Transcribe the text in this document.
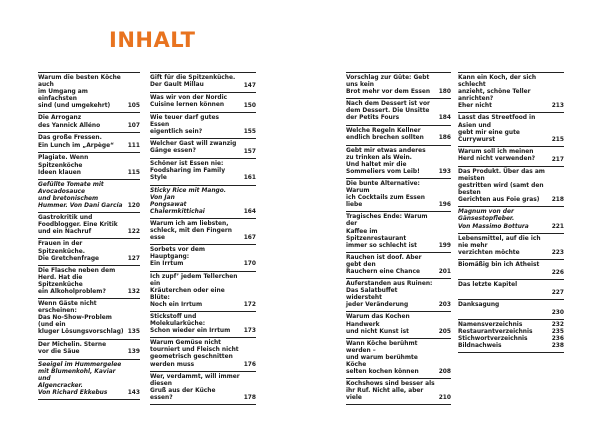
INHALT
Warum die besten Köche auch
im Umgang am einfachsten
sind (und umgekehrt)	105
Die Arroganz
des Yannick Alléno	107
Das große Fressen.
Ein Lunch im „Arpège“	111
Plagiate. Wenn Spitzenköche
Ideen klauen	115
Gefüllte Tomate mit Avocadosauce
und bretonischem
Hummer. Von Dani García 120
Gastrokritik und
Foodblogger. Eine Kritik
und ein Nachruf	122
Frauen in der Spitzenküche.
Die Gretchenfrage	127
Die Flasche neben dem
Herd. Hat die Spitzenküche
ein Alkoholproblem?	132
Wenn Gäste nicht erscheinen:
Das No-Show-Problem (und ein
kluger Lösungsvorschlag) 135
Der Michelin. Sterne
vor die Säue	139
Seeigel im Hummergelee
mit Blumenkohl, Kaviar und
Algencracker.
Von Richard Ekkebus	143
Gift für die Spitzenküche.
Der Gault Millau	147
Was wir von der Nordic
Cuisine lernen können	150
Wie teuer darf gutes Essen
eigentlich sein?	155
Welcher Gast will zwanzig
Gänge essen?	157
Schöner ist Essen nie:
Foodsharing im Family Style	161
Sticky Rice mit Mango. Von Jan
Pongsawat Chalermkittichai	164
Warum ich am liebsten,
schleck, mit den Fingern esse	167
Sorbets vor dem Hauptgang:
Ein Irrtum	170
Ich zupf’ jedem Tellerchen ein
Kräuterchen oder eine Blüte:
Noch ein Irrtum	172
Stickstoff und Molekularküche:
Schon wieder ein Irrtum	173
Warum Gemüse nicht
tourniert und Fleisch nicht
geometrisch geschnitten
werden muss	176
Wer, verdammt, will immer diesen
Gruß aus der Küche essen?	178
Vorschlag zur Güte: Gebt uns kein
Brot mehr vor dem Essen	180
Nach dem Dessert ist vor
dem Dessert. Die Unsitte
der Petits Fours	184
Welche Regeln Kellner
endlich brechen sollten	186
Gebt mir etwas anderes
zu trinken als Wein.
Und haltet mir die
Sommeliers vom Leib!	193
Die bunte Alternative: Warum
ich Cocktails zum Essen liebe	196
Tragisches Ende: Warum der
Kaffee im Spitzenrestaurant
immer so schlecht ist	199
Rauchen ist doof. Aber gebt den
Rauchern eine Chance	201
Auferstanden aus Ruinen:
Das Salatbuffet widersteht
jeder Veränderung	203
Warum das Kochen Handwerk
und nicht Kunst ist	205
Wann Köche berühmt werden –
und warum berühmte Köche
selten kochen können	208
Kochshows sind besser als
ihr Ruf. Nicht alle, aber viele	210
Kann ein Koch, der sich schlecht
anzieht, schöne Teller anrichten?
Eher nicht	213
Lasst das Streetfood in Asien und
gebt mir eine gute Currywurst	215
Warum soll ich meinen
Herd nicht verwenden?	217
Das Produkt. Über das am meisten
gestritten wird (samt den besten
Gerichten aus Foie gras)	218
Magnum von der Gänsestopfleber.
Von Massimo Bottura	221
Lebensmittel, auf die ich nie mehr
verzichten möchte	223
Biomäßig bin ich Atheist
226
Das letzte Kapitel
227
Danksagung
230
Namensverzeichnis	232
Restaurantverzeichnis	235
Stichwortverzeichnis	236
Bildnachweis	238
